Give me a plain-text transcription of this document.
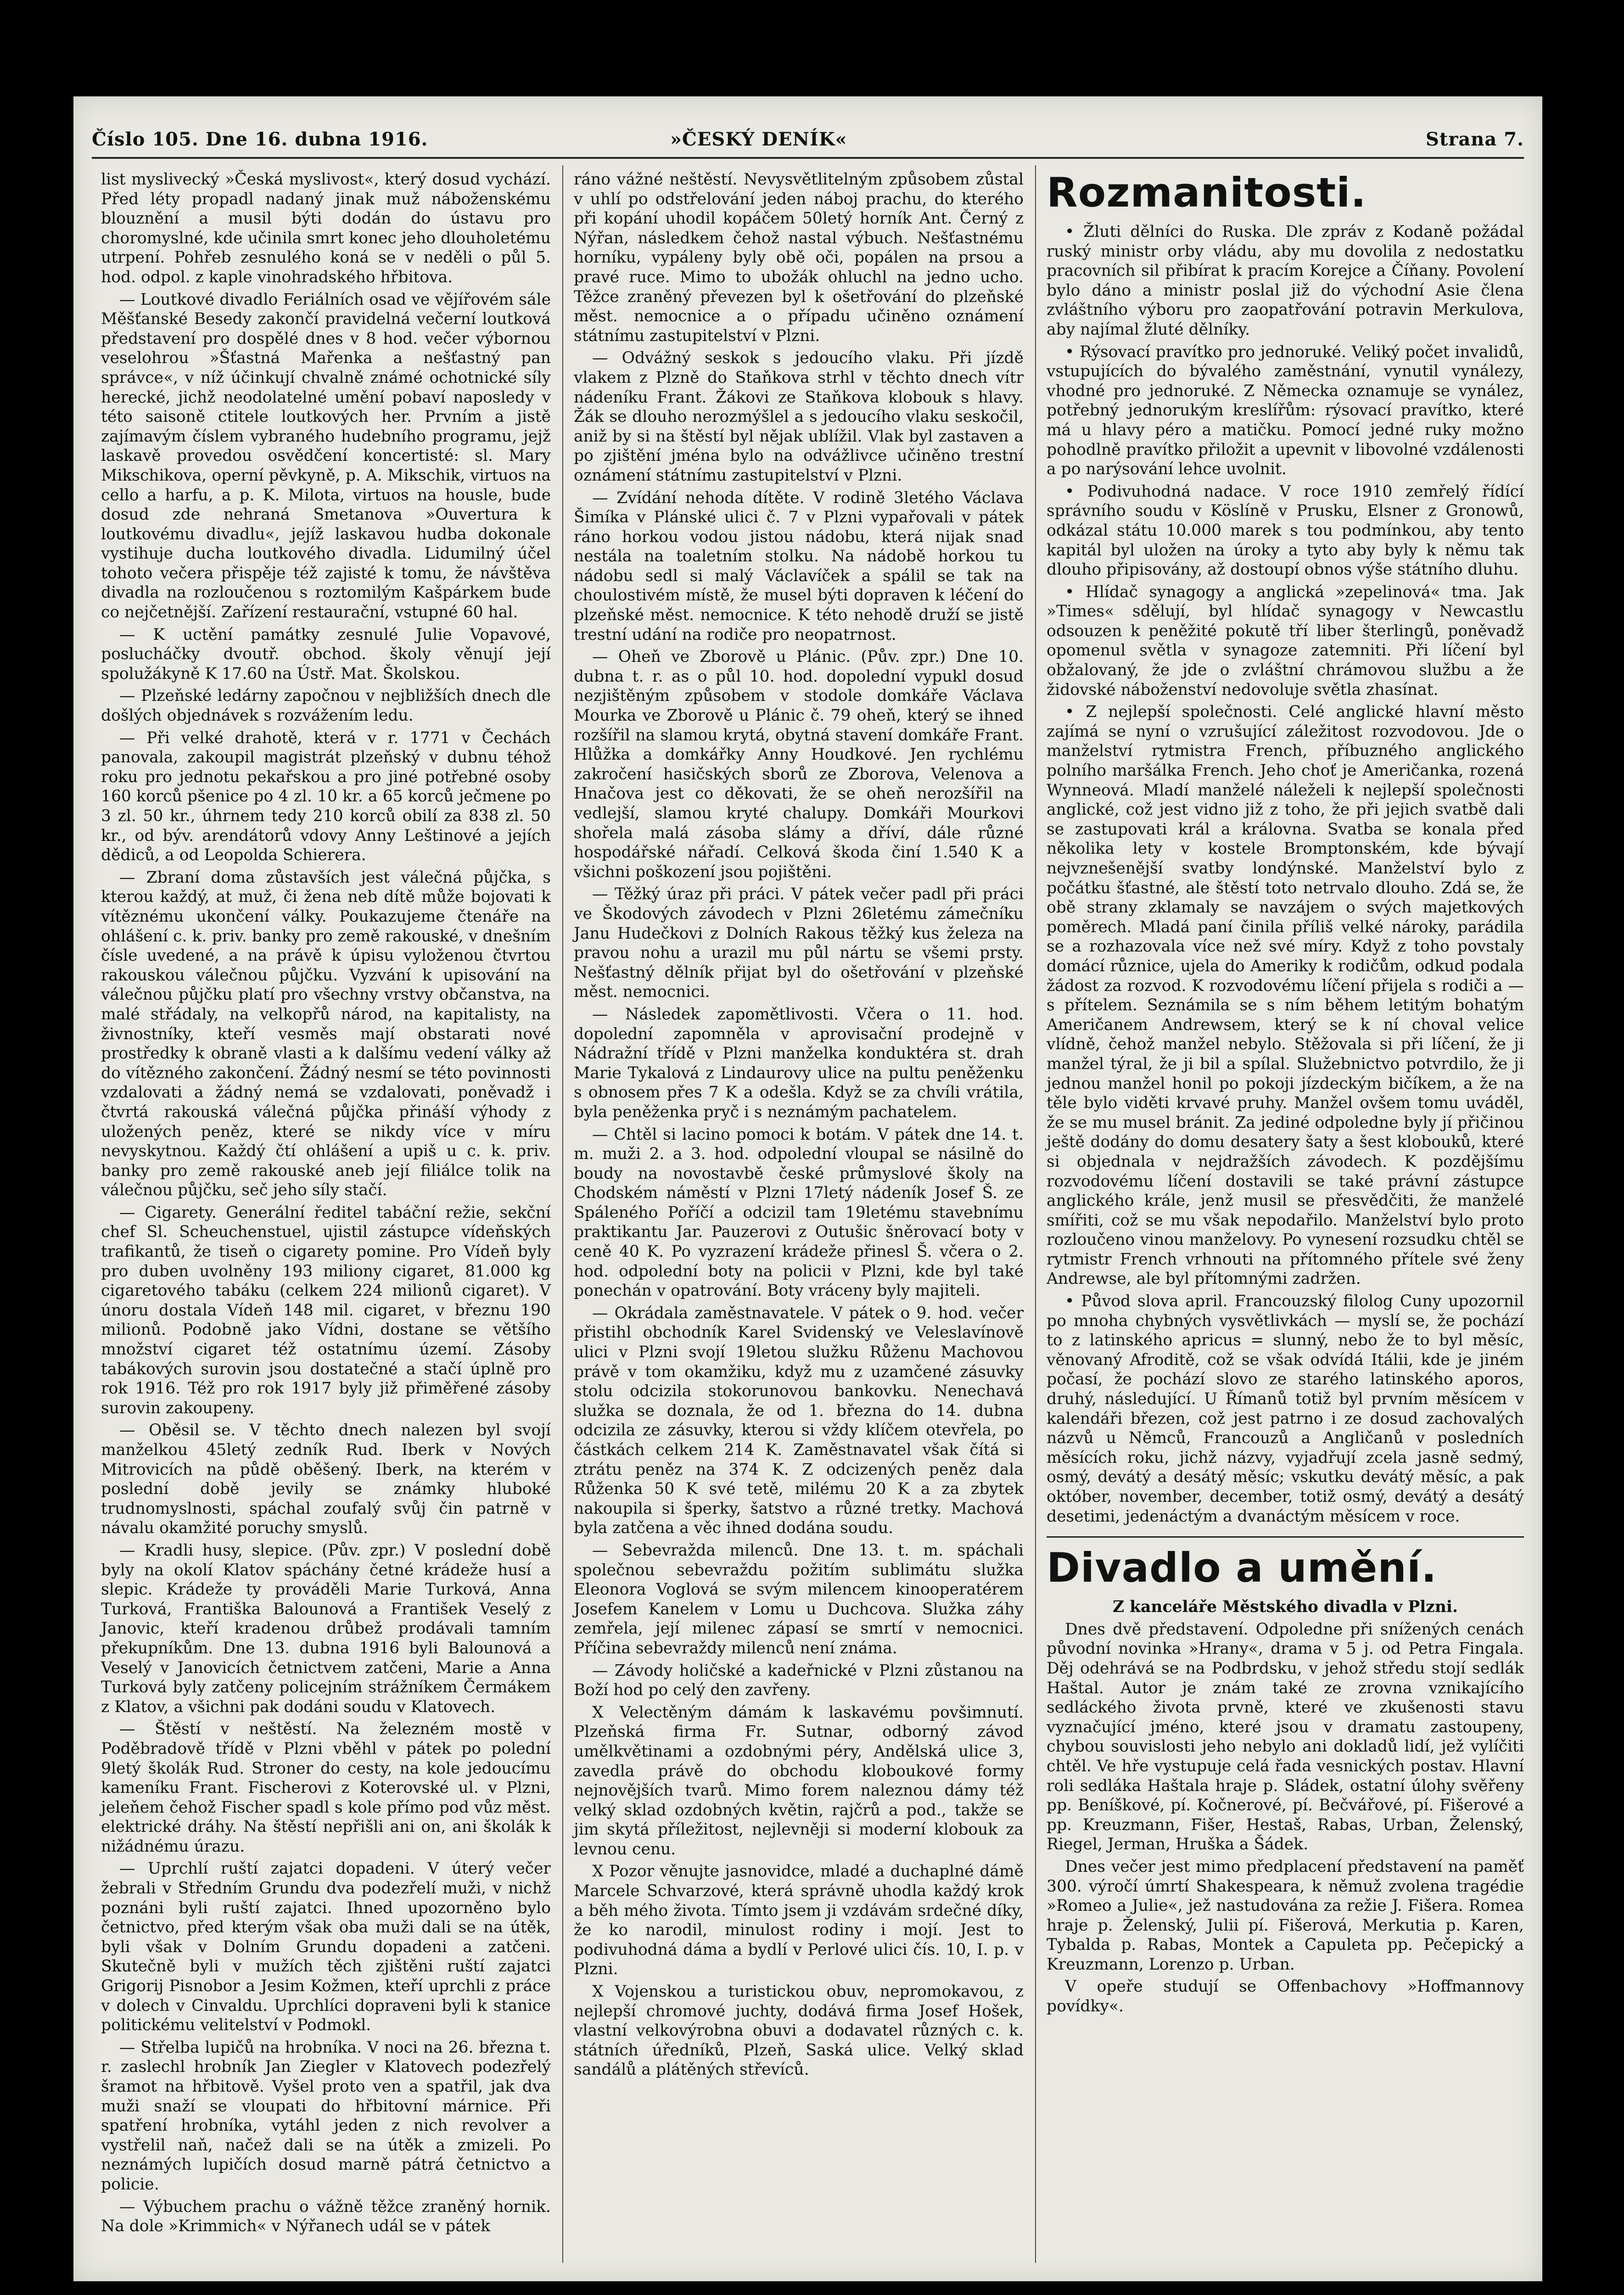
Číslo 105. Dne 16. dubna 1916.	»ČESKÝ DENÍK«	Strana 7.

list myslivecký »Česká myslivost«, který dosud vychází. Před léty propadl nadaný jinak muž náboženskému blouznění a musil býti dodán do ústavu pro choromyslné, kde učinila smrt konec jeho dlouholetému utrpení. Pohřeb zesnulého koná se v neděli o půl 5. hod. odpol. z kaple vinohradského hřbitova.

— Loutkové divadlo Feriálních osad ve vějířovém sále Měšťanské Besedy zakončí pravidelná večerní loutková představení pro dospělé dnes v 8 hod. večer výbornou veselohrou »Šťastná Mařenka a nešťastný pan správce«, v níž účinkují chvalně známé ochotnické síly herecké, jichž neodolatelné umění pobaví naposledy v této saisoně ctitele loutkových her. Prvním a jistě zajímavým číslem vybraného hudebního programu, jejž laskavě provedou osvědčení koncertisté: sl. Mary Mikschikova, operní pěvkyně, p. A. Mikschik, virtuos na cello a harfu, a p. K. Milota, virtuos na housle, bude dosud zde nehraná Smetanova »Ouvertura k loutkovému divadlu«, jejíž laskavou hudba dokonale vystihuje ducha loutkového divadla. Lidumilný účel tohoto večera přispěje též zajisté k tomu, že návštěva divadla na rozloučenou s roztomilým Kašpárkem bude co nejčetnější. Zařízení restaurační, vstupné 60 hal.

— K uctění památky zesnulé Julie Vopavové, poslucháčky dvoutř. obchod. školy věnují její spolužákyně K 17.60 na Ústř. Mat. Školskou.

— Plzeňské ledárny započnou v nejbližších dnech dle došlých objednávek s rozvážením ledu.

— Při velké drahotě, která v r. 1771 v Čechách panovala, zakoupil magistrát plzeňský v dubnu téhož roku pro jednotu pekařskou a pro jiné potřebné osoby 160 korců pšenice po 4 zl. 10 kr. a 65 korců ječmene po 3 zl. 50 kr., úhrnem tedy 210 korců obilí za 838 zl. 50 kr., od býv. arendátorů vdovy Anny Leštinové a jejích dědiců, a od Leopolda Schierera.

— Zbraní doma zůstavších jest válečná půjčka, s kterou každý, at muž, či žena neb dítě může bojovati k vítěznému ukončení války. Poukazujeme čtenáře na ohlášení c. k. priv. banky pro země rakouské, v dnešním čísle uvedené, a na právě k úpisu vyloženou čtvrtou rakouskou válečnou půjčku. Vyzvání k upisování na válečnou půjčku platí pro všechny vrstvy občanstva, na malé střádaly, na velkopřů národ, na kapitalisty, na živnostníky, kteří vesměs mají obstarati nové prostředky k obraně vlasti a k dalšímu vedení války až do vítězného zakončení. Žádný nesmí se této povinnosti vzdalovati a žádný nemá se vzdalovati, poněvadž i čtvrtá rakouská válečná půjčka přináší výhody z uložených peněz, které se nikdy více v míru nevyskytnou. Každý čtí ohlášení a upiš u c. k. priv. banky pro země rakouské aneb její filiálce tolik na válečnou půjčku, seč jeho síly stačí.

— Cigarety. Generální ředitel tabáční režie, sekční chef Sl. Scheuchenstuel, ujistil zástupce vídeňských trafikantů, že tiseň o cigarety pomine. Pro Vídeň byly pro duben uvolněny 193 miliony cigaret, 81.000 kg cigaretového tabáku (celkem 224 milionů cigaret). V únoru dostala Vídeň 148 mil. cigaret, v březnu 190 milionů. Podobně jako Vídni, dostane se většího množství cigaret též ostatnímu území. Zásoby tabákových surovin jsou dostatečné a stačí úplně pro rok 1916. Též pro rok 1917 byly již přiměřené zásoby surovin zakoupeny.

— Oběsil se. V těchto dnech nalezen byl svojí manželkou 45letý zedník Rud. Iberk v Nových Mitrovicích na půdě oběšený. Iberk, na kterém v poslední době jevily se známky hluboké trudnomyslnosti, spáchal zoufalý svůj čin patrně v návalu okamžité poruchy smyslů.

— Kradli husy, slepice. (Pův. zpr.) V poslední době byly na okolí Klatov spáchány četné krádeže husí a slepic. Krádeže ty prováděli Marie Turková, Anna Turková, Františka Balounová a František Veselý z Janovic, kteří kradenou drůbež prodávali tamním překupníkům. Dne 13. dubna 1916 byli Balounová a Veselý v Janovicích četnictvem zatčeni, Marie a Anna Turková byly zatčeny policejním strážníkem Čermákem z Klatov, a všichni pak dodáni soudu v Klatovech.

— Štěstí v neštěstí. Na železném mostě v Poděbradově třídě v Plzni vběhl v pátek po polední 9letý školák Rud. Stroner do cesty, na kole jedoucímu kameníku Frant. Fischerovi z Koterovské ul. v Plzni, jeleňem čehož Fischer spadl s kole přímo pod vůz měst. elektrické dráhy. Na štěstí nepřišli ani on, ani školák k nižádnému úrazu.

— Uprchlí ruští zajatci dopadeni. V úterý večer žebrali v Středním Grundu dva podezřelí muži, v nichž poznáni byli ruští zajatci. Ihned upozorněno bylo četnictvo, před kterým však oba muži dali se na útěk, byli však v Dolním Grundu dopadeni a zatčeni. Skutečně byli v mužích těch zjištěni ruští zajatci Grigorij Pisnobor a Jesim Kožmen, kteří uprchli z práce v dolech v Cinvaldu. Uprchlíci dopraveni byli k stanice politickému velitelství v Podmokl.

— Střelba lupičů na hrobníka. V noci na 26. března t. r. zaslechl hrobník Jan Ziegler v Klatovech podezřelý šramot na hřbitově. Vyšel proto ven a spatřil, jak dva muži snaží se vloupati do hřbitovní márnice. Při spatření hrobníka, vytáhl jeden z nich revolver a vystřelil naň, načež dali se na útěk a zmizeli. Po neznámých lupičích dosud marně pátrá četnictvo a policie.

— Výbuchem prachu o vážně těžce zraněný hornik. Na dole »Krimmich« v Nýřanech udál se v pátek

ráno vážné neštěstí. Nevysvětlitelným způsobem zůstal v uhlí po odstřelování jeden náboj prachu, do kterého při kopání uhodil kopáčem 50letý horník Ant. Černý z Nýřan, následkem čehož nastal výbuch. Nešťastnému horníku, vypáleny byly obě oči, popálen na prsou a pravé ruce. Mimo to ubožák ohluchl na jedno ucho. Těžce zraněný převezen byl k ošetřování do plzeňské měst. nemocnice a o případu učiněno oznámení státnímu zastupitelství v Plzni.

— Odvážný seskok s jedoucího vlaku. Při jízdě vlakem z Plzně do Staňkova strhl v těchto dnech vítr nádeníku Frant. Žákovi ze Staňkova klobouk s hlavy. Žák se dlouho nerozmýšlel a s jedoucího vlaku seskočil, aniž by si na štěstí byl nějak ublížil. Vlak byl zastaven a po zjištění jména bylo na odvážlivce učiněno trestní oznámení státnímu zastupitelství v Plzni.

— Zvídání nehoda dítěte. V rodině 3letého Václava Šimíka v Plánské ulici č. 7 v Plzni vypařovali v pátek ráno horkou vodou jistou nádobu, která nijak snad nestála na toaletním stolku. Na nádobě horkou tu nádobu sedl si malý Václavíček a spálil se tak na choulostivém místě, že musel býti dopraven k léčení do plzeňské měst. nemocnice. K této nehodě druží se jistě trestní udání na rodiče pro neopatrnost.

— Oheň ve Zborově u Plánic. (Pův. zpr.) Dne 10. dubna t. r. as o půl 10. hod. dopolední vypukl dosud nezjištěným způsobem v stodole domkáře Václava Mourka ve Zborově u Plánic č. 79 oheň, který se ihned rozšířil na slamou krytá, obytná stavení domkáře Frant. Hlůžka a domkářky Anny Houdkové. Jen rychlému zakročení hasičských sborů ze Zborova, Velenova a Hnačova jest co děkovati, že se oheň nerozšířil na vedlejší, slamou kryté chalupy. Domkáři Mourkovi shořela malá zásoba slámy a dříví, dále různé hospodářské nářadí. Celková škoda činí 1.540 K a všichni poškození jsou pojištěni.

— Těžký úraz při práci. V pátek večer padl při práci ve Škodových závodech v Plzni 26letému zámečníku Janu Hudečkovi z Dolních Rakous těžký kus železa na pravou nohu a urazil mu půl nártu se všemi prsty. Nešťastný dělník přijat byl do ošetřování v plzeňské měst. nemocnici.

— Následek zapomětlivosti. Včera o 11. hod. dopolední zapomněla v aprovisační prodejně v Nádražní třídě v Plzni manželka konduktéra st. drah Marie Tykalová z Lindaurovy ulice na pultu peněženku s obnosem přes 7 K a odešla. Když se za chvíli vrátila, byla peněženka pryč i s neznámým pachatelem.

— Chtěl si lacino pomoci k botám. V pátek dne 14. t. m. muži 2. a 3. hod. odpolední vloupal se násilně do boudy na novostavbě české průmyslové školy na Chodském náměstí v Plzni 17letý nádeník Josef Š. ze Spáleného Poříčí a odcizil tam 19letému stavebnímu praktikantu Jar. Pauzerovi z Outušic šněrovací boty v ceně 40 K. Po vyzrazení krádeže přinesl Š. včera o 2. hod. odpolední boty na policii v Plzni, kde byl také ponechán v opatrování. Boty vráceny byly majiteli.

— Okrádala zaměstnavatele. V pátek o 9. hod. večer přistihl obchodník Karel Svidenský ve Veleslavínově ulici v Plzni svojí 19letou služku Růženu Machovou právě v tom okamžiku, když mu z uzamčené zásuvky stolu odcizila stokorunovou bankovku. Nenechavá služka se doznala, že od 1. března do 14. dubna odcizila ze zásuvky, kterou si vždy klíčem otevřela, po částkách celkem 214 K. Zaměstnavatel však čítá si ztrátu peněz na 374 K. Z odcizených peněz dala Růženka 50 K své tetě, milému 20 K a za zbytek nakoupila si šperky, šatstvo a různé tretky. Machová byla zatčena a věc ihned dodána soudu.

— Sebevražda milenců. Dne 13. t. m. spáchali společnou sebevraždu požitím sublimátu služka Eleonora Voglová se svým milencem kinooperatérem Josefem Kanelem v Lomu u Duchcova. Služka záhy zemřela, její milenec zápasí se smrtí v nemocnici. Příčina sebevraždy milenců není známa.

— Závody holičské a kadeřnické v Plzni zůstanou na Boží hod po celý den zavřeny.

X Velectěným dámám k laskavému povšimnutí. Plzeňská firma Fr. Sutnar, odborný závod umělkvětinami a ozdobnými péry, Andělská ulice 3, zavedla právě do obchodu kloboukové formy nejnovějších tvarů. Mimo forem naleznou dámy též velký sklad ozdobných květin, rajčrů a pod., takže se jim skytá příležitost, nejlevněji si moderní klobouk za levnou cenu.

X Pozor věnujte jasnovidce, mladé a duchaplné dámě Marcele Schvarzové, která správně uhodla každý krok a běh mého života. Tímto jsem ji vzdávám srdečné díky, že ko narodil, minulost rodiny i mojí. Jest to podivuhodná dáma a bydlí v Perlové ulici čís. 10, I. p. v Plzni.

X Vojenskou a turistickou obuv, nepromokavou, z nejlepší chromové juchty, dodává firma Josef Hošek, vlastní velkovýrobna obuvi a dodavatel různých c. k. státních úředníků, Plzeň, Saská ulice. Velký sklad sandálů a plátěných střevíců.

Rozmanitosti.

• Žluti dělníci do Ruska. Dle zpráv z Kodaně požádal ruský ministr orby vládu, aby mu dovolila z nedostatku pracovních sil přibírat k pracím Korejce a Číňany. Povolení bylo dáno a ministr poslal již do východní Asie člena zvláštního výboru pro zaopatřování potravin Merkulova, aby najímal žluté dělníky.

• Rýsovací pravítko pro jednoruké. Veliký počet invalidů, vstupujících do bývalého zaměstnání, vynutil vynálezy, vhodné pro jednoruké. Z Německa oznamuje se vynález, potřebný jednorukým kreslířům: rýsovací pravítko, které má u hlavy péro a matičku. Pomocí jedné ruky možno pohodlně pravítko přiložit a upevnit v libovolné vzdálenosti a po narýsování lehce uvolnit.

• Podivuhodná nadace. V roce 1910 zemřelý řídící správního soudu v Köslíně v Prusku, Elsner z Gronowů, odkázal státu 10.000 marek s tou podmínkou, aby tento kapitál byl uložen na úroky a tyto aby byly k němu tak dlouho připisovány, až dostoupí obnos výše státního dluhu.

• Hlídač synagogy a anglická »zepelinová« tma. Jak »Times« sdělují, byl hlídač synagogy v Newcastlu odsouzen k peněžité pokutě tří liber šterlingů, poněvadž opomenul světla v synagoze zatemniti. Při líčení byl obžalovaný, že jde o zvláštní chrámovou službu a že židovské náboženství nedovoluje světla zhasínat.

• Z nejlepší společnosti. Celé anglické hlavní město zajímá se nyní o vzrušující záležitost rozvodovou. Jde o manželství rytmistra French, příbuzného anglického polního maršálka French. Jeho choť je Američanka, rozená Wynneová. Mladí manželé náleželi k nejlepší společnosti anglické, což jest vidno již z toho, že při jejich svatbě dali se zastupovati král a královna. Svatba se konala před několika lety v kostele Bromptonském, kde bývají nejvznešenější svatby londýnské. Manželství bylo z počátku šťastné, ale štěstí toto netrvalo dlouho. Zdá se, že obě strany zklamaly se navzájem o svých majetkových poměrech. Mladá paní činila příliš velké nároky, parádila se a rozhazovala více než své míry. Když z toho povstaly domácí různice, ujela do Ameriky k rodičům, odkud podala žádost za rozvod. K rozvodovému líčení přijela s rodiči a — s přítelem. Seznámila se s ním během letitým bohatým Američanem Andrewsem, který se k ní choval velice vlídně, čehož manžel nebylo. Stěžovala si při líčení, že ji manžel týral, že ji bil a spílal. Služebnictvo potvrdilo, že ji jednou manžel honil po pokoji jízdeckým bičíkem, a že na těle bylo viděti krvavé pruhy. Manžel ovšem tomu uváděl, že se mu musel bránit. Za jediné odpoledne byly jí přičinou ještě dodány do domu desatery šaty a šest klobouků, které si objednala v nejdražších závodech. K pozdějšímu rozvodovému líčení dostavili se také právní zástupce anglického krále, jenž musil se přesvědčiti, že manželé smířiti, což se mu však nepodařilo. Manželství bylo proto rozloučeno vinou manželovy. Po vynesení rozsudku chtěl se rytmistr French vrhnouti na přítomného přítele své ženy Andrewse, ale byl přítomnými zadržen.

• Původ slova april. Francouzský filolog Cuny upozornil po mnoha chybných vysvětlivkách — myslí se, že pochází to z latinského apricus = slunný, nebo že to byl měsíc, věnovaný Afroditě, což se však odvídá Itálii, kde je jiném počasí, že pochází slovo ze starého latinského aporos, druhý, následující. U Římanů totiž byl prvním měsícem v kalendáři březen, což jest patrno i ze dosud zachovalých názvů u Němců, Francouzů a Angličanů v posledních měsících roku, jichž názvy, vyjadřují zcela jasně sedmý, osmý, devátý a desátý měsíc; vskutku devátý měsíc, a pak október, november, december, totiž osmý, devátý a desátý desetimi, jedenáctým a dvanáctým měsícem v roce.

Divadlo a umění.

Z kanceláře Městského divadla v Plzni.

Dnes dvě představení. Odpoledne při snížených cenách původní novinka »Hrany«, drama v 5 j. od Petra Fingala. Děj odehrává se na Podbrdsku, v jehož středu stojí sedlák Haštal. Autor je znám také ze zrovna vznikajícího sedláckého života prvně, které ve zkušenosti stavu vyznačující jméno, které jsou v dramatu zastoupeny, chybou souvislosti jeho nebylo ani dokladů lidí, jež vylíčiti chtěl. Ve hře vystupuje celá řada vesnických postav. Hlavní roli sedláka Haštala hraje p. Sládek, ostatní úlohy svěřeny pp. Beníškové, pí. Kočnerové, pí. Bečvářové, pí. Fišerové a pp. Kreuzmann, Fišer, Hestaš, Rabas, Urban, Želenský, Riegel, Jerman, Hruška a Šádek.

Dnes večer jest mimo předplacení představení na paměť 300. výročí úmrtí Shakespeara, k němuž zvolena tragédie »Romeo a Julie«, jež nastudována za režie J. Fišera. Romea hraje p. Želenský, Julii pí. Fišerová, Merkutia p. Karen, Tybalda p. Rabas, Montek a Capuleta pp. Pečepický a Kreuzmann, Lorenzo p. Urban.

V opeře studují se Offenbachovy »Hoffmannovy povídky«.
